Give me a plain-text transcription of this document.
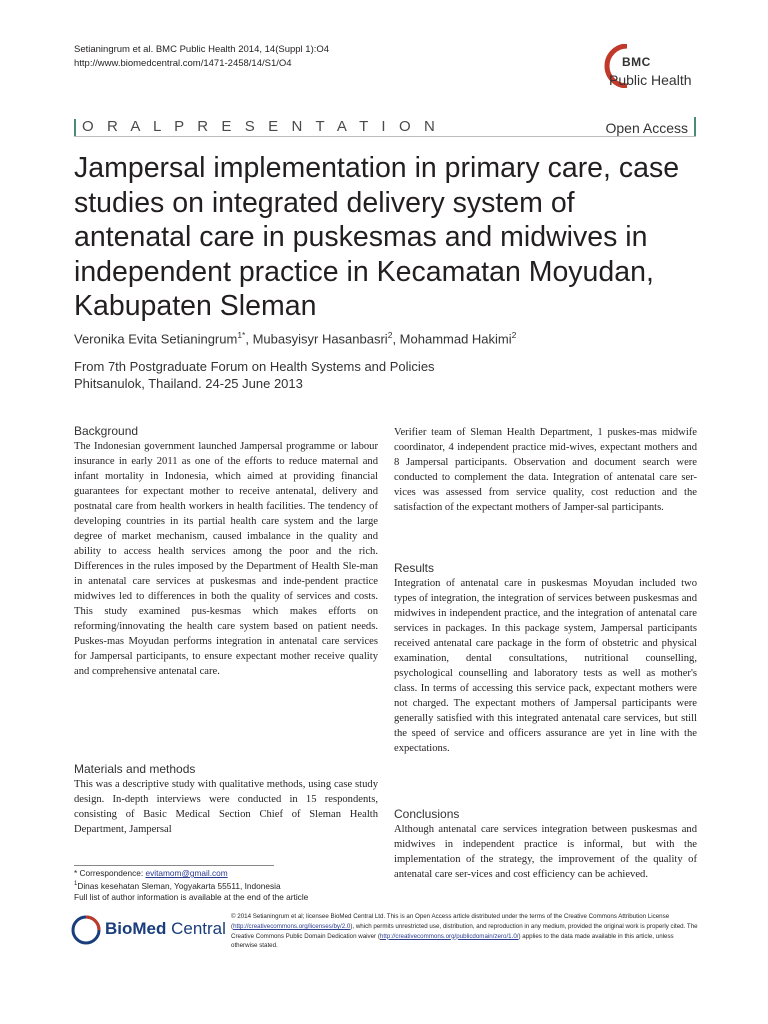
Setianingrum et al. BMC Public Health 2014, 14(Suppl 1):O4
http://www.biomedcentral.com/1471-2458/14/S1/O4	BMC
Public Health
O R A L P R E S E N T A T I O N	Open Access
Jampersal implementation in primary care, case studies on integrated delivery system of antenatal care in puskesmas and midwives in independent practice in Kecamatan Moyudan, Kabupaten Sleman
Veronika Evita Setianingrum$^{1*}$, Mubasyisyr Hasanbasri$^2$, Mohammad Hakimi$^2$
From 7th Postgraduate Forum on Health Systems and Policies
Phitsanulok, Thailand. 24-25 June 2013
Background
The Indonesian government launched Jampersal programme or labour insurance in early 2011 as one of the efforts to reduce maternal and infant mortality in Indonesia, which aimed at providing financial guarantees for expectant mother to receive antenatal, delivery and postnatal care from health workers in health facilities. The tendency of developing countries in its partial health care system and the large degree of market mechanism, caused imbalance in the quality and ability to access health services among the poor and the rich. Differences in the rules imposed by the Department of Health Sle-man in antenatal care services at puskesmas and inde-pendent practice midwives led to differences in both the quality of services and costs. This study examined pus-kesmas which makes efforts on reforming/innovating the health care system based on patient needs. Puskes-mas Moyudan performs integration in antenatal care services for Jampersal participants, to ensure expectant mother receive quality and comprehensive antenatal care.
Materials and methods
This was a descriptive study with qualitative methods, using case study design. In-depth interviews were conducted in 15 respondents, consisting of Basic Medical Section Chief of Sleman Health Department, Jampersal
Verifier team of Sleman Health Department, 1 puskes-mas midwife coordinator, 4 independent practice mid-wives, expectant mothers and 8 Jampersal participants. Observation and document search were conducted to complement the data. Integration of antenatal care ser-vices was assessed from service quality, cost reduction and the satisfaction of the expectant mothers of Jamper-sal participants.
Results
Integration of antenatal care in puskesmas Moyudan included two types of integration, the integration of services between puskesmas and midwives in independent practice, and the integration of antenatal care services in packages. In this package system, Jampersal participants received antenatal care package in the form of obstetric and physical examination, dental consultations, nutritional counselling, psychological counselling and laboratory tests as well as mother's class. In terms of accessing this service pack, expectant mothers were not charged. The expectant mothers of Jampersal participants were generally satisfied with this integrated antenatal care services, but still the speed of service and officers assurance are yet in line with the expectations.
Conclusions
Although antenatal care services integration between puskesmas and midwives in independent practice is informal, but with the implementation of the strategy, the improvement of the quality of antenatal care ser-vices and cost efficiency can be achieved.
* Correspondence: evitamom@gmail.com
$^1$Dinas kesehatan Sleman, Yogyakarta 55511, Indonesia
Full list of author information is available at the end of the article
BioMed Central
© 2014 Setianingrum et al; licensee BioMed Central Ltd. This is an Open Access article distributed under the terms of the Creative Commons Attribution License (http://creativecommons.org/licenses/by/2.0), which permits unrestricted use, distribution, and reproduction in any medium, provided the original work is properly cited. The Creative Commons Public Domain Dedication waiver (http://creativecommons.org/publicdomain/zero/1.0/) applies to the data made available in this article, unless otherwise stated.
